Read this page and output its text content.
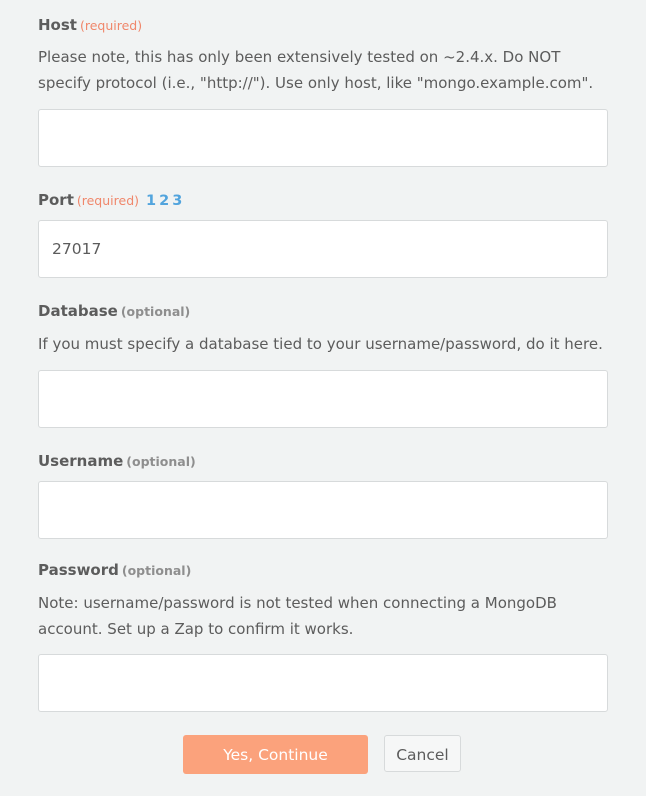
Host (required)
Please note, this has only been extensively tested on ~2.4.x. Do NOT
specify protocol (i.e., "http://"). Use only host, like "mongo.example.com".
Port (required) 1 2 3
27017
Database (optional)
If you must specify a database tied to your username/password, do it here.
Username (optional)
Password (optional)
Note: username/password is not tested when connecting a MongoDB
account. Set up a Zap to confirm it works.
Yes, Continue	Cancel
